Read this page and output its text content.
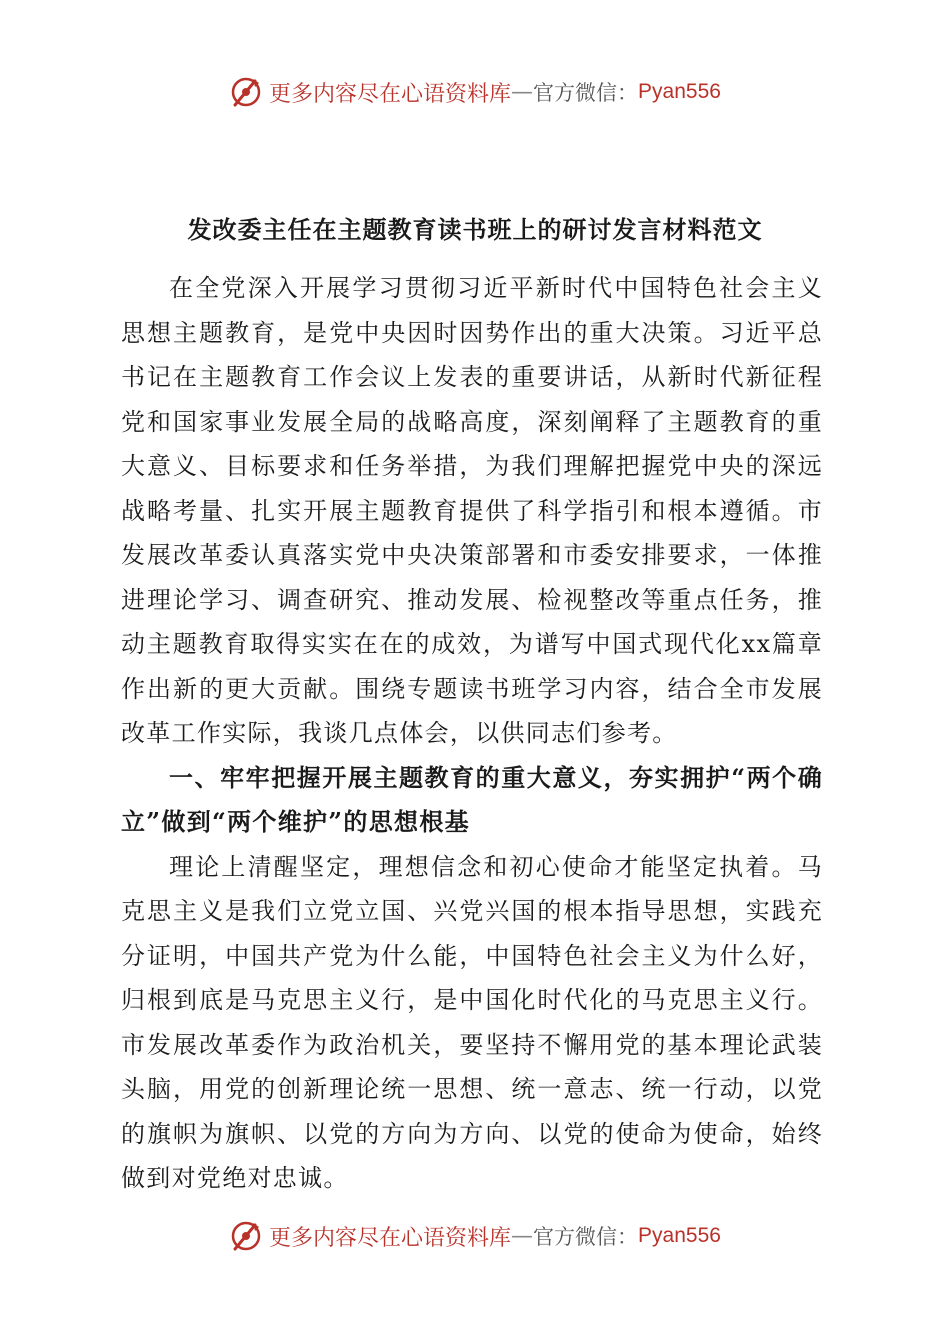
更多内容尽在心语资料库 — 官方微信： Pyan556
发改委主任在主题教育读书班上的研讨发言材料范文

在全党深入开展学习贯彻习近平新时代中国特色社会主义思想主题教育，是党中央因时因势作出的重大决策。习近平总书记在主题教育工作会议上发表的重要讲话，从新时代新征程党和国家事业发展全局的战略高度，深刻阐释了主题教育的重大意义、目标要求和任务举措，为我们理解把握党中央的深远战略考量、扎实开展主题教育提供了科学指引和根本遵循。市发展改革委认真落实党中央决策部署和市委安排要求，一体推进理论学习、调查研究、推动发展、检视整改等重点任务，推动主题教育取得实实在在的成效，为谱写中国式现代化xx篇章作出新的更大贡献。围绕专题读书班学习内容，结合全市发展改革工作实际，我谈几点体会，以供同志们参考。

一、牢牢把握开展主题教育的重大意义，夯实拥护“两个确立”做到“两个维护”的思想根基

理论上清醒坚定，理想信念和初心使命才能坚定执着。马克思主义是我们立党立国、兴党兴国的根本指导思想，实践充分证明，中国共产党为什么能，中国特色社会主义为什么好，归根到底是马克思主义行，是中国化时代化的马克思主义行。市发展改革委作为政治机关，要坚持不懈用党的基本理论武装头脑，用党的创新理论统一思想、统一意志、统一行动，以党的旗帜为旗帜、以党的方向为方向、以党的使命为使命，始终做到对党绝对忠诚。

更多内容尽在心语资料库 — 官方微信： Pyan556
